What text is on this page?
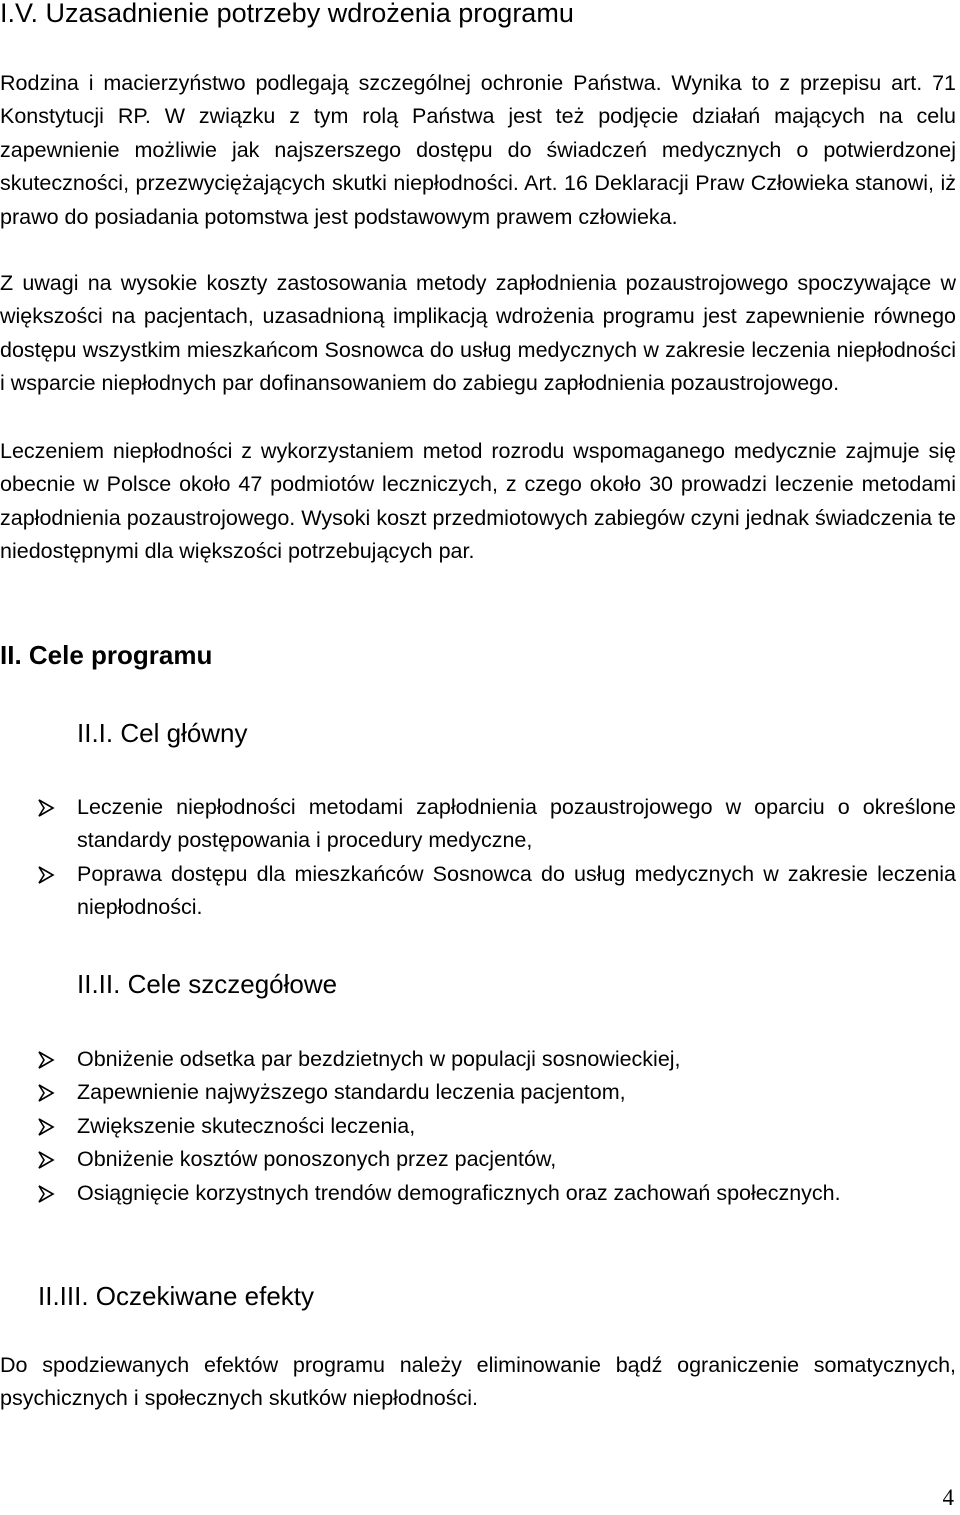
I.V. Uzasadnienie potrzeby wdrożenia programu

Rodzina i macierzyństwo podlegają szczególnej ochronie Państwa. Wynika to z przepisu art. 71 Konstytucji RP. W związku z tym rolą Państwa jest też podjęcie działań mających na celu zapewnienie możliwie jak najszerszego dostępu do świadczeń medycznych o potwierdzonej skuteczności, przezwyciężających skutki niepłodności. Art. 16 Deklaracji Praw Człowieka stanowi, iż prawo do posiadania potomstwa jest podstawowym prawem człowieka.

Z uwagi na wysokie koszty zastosowania metody zapłodnienia pozaustrojowego spoczywające w większości na pacjentach, uzasadnioną implikacją wdrożenia programu jest zapewnienie równego dostępu wszystkim mieszkańcom Sosnowca do usług medycznych w zakresie leczenia niepłodności i wsparcie niepłodnych par dofinansowaniem do zabiegu zapłodnienia pozaustrojowego.

Leczeniem niepłodności z wykorzystaniem metod rozrodu wspomaganego medycznie zajmuje się obecnie w Polsce około 47 podmiotów leczniczych, z czego około 30 prowadzi leczenie metodami zapłodnienia pozaustrojowego. Wysoki koszt przedmiotowych zabiegów czyni jednak świadczenia te niedostępnymi dla większości potrzebujących par.

II. Cele programu
II.I. Cel główny
Leczenie niepłodności metodami zapłodnienia pozaustrojowego w oparciu o określone standardy postępowania i procedury medyczne,
Poprawa dostępu dla mieszkańców Sosnowca do usług medycznych w zakresie leczenia niepłodności.
II.II. Cele szczegółowe
Obniżenie odsetka par bezdzietnych w populacji sosnowieckiej,
Zapewnienie najwyższego standardu leczenia pacjentom,
Zwiększenie skuteczności leczenia,
Obniżenie kosztów ponoszonych przez pacjentów,
Osiągnięcie korzystnych trendów demograficznych oraz zachowań społecznych.
II.III. Oczekiwane efekty

Do spodziewanych efektów programu należy eliminowanie bądź ograniczenie somatycznych, psychicznych i społecznych skutków niepłodności.

4
